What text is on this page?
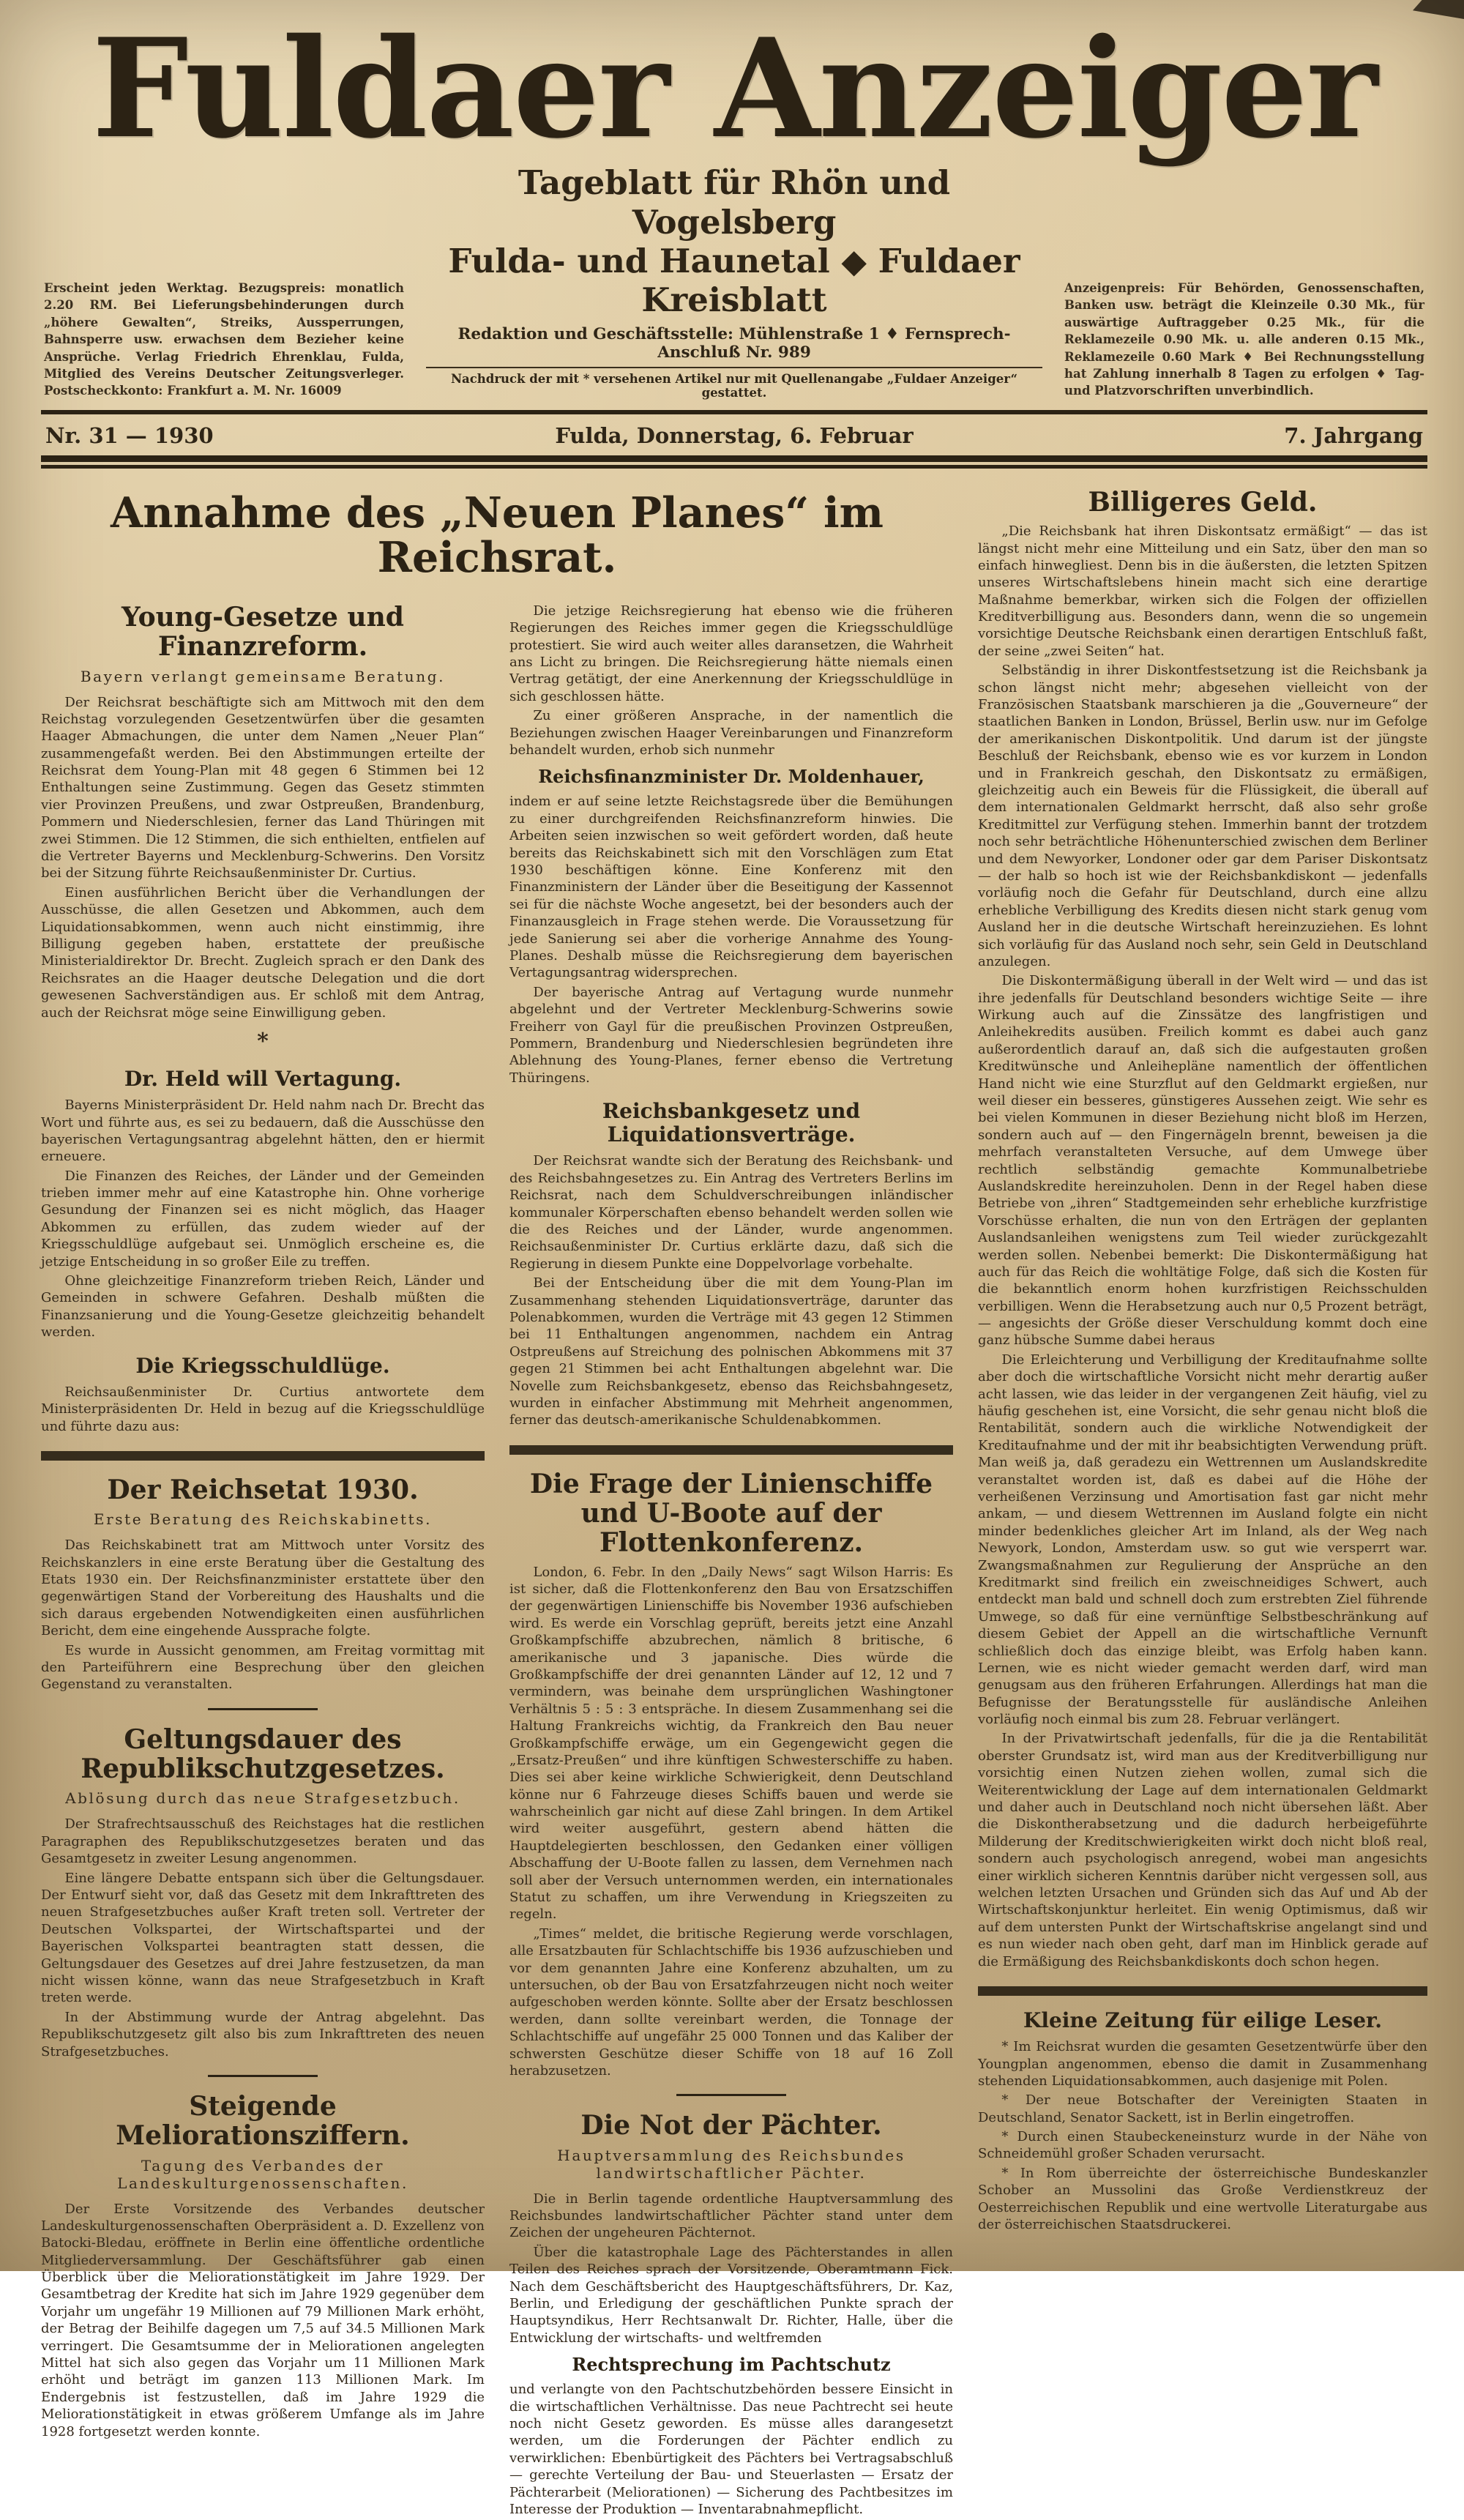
Fuldaer Anzeiger
Erscheint jeden Werktag. Bezugspreis: monatlich 2.20 RM. Bei Lieferungsbehinderungen durch „höhere Gewalten“, Streiks, Aussperrungen, Bahnsperre usw. erwachsen dem Bezieher keine Ansprüche. Verlag Friedrich Ehrenklau, Fulda, Mitglied des Vereins Deutscher Zeitungsverleger. Postscheckkonto: Frankfurt a. M. Nr. 16009
Tageblatt für Rhön und Vogelsberg
Fulda- und Haunetal ◆ Fuldaer Kreisblatt
Redaktion und Geschäftsstelle: Mühlenstraße 1 ♦ Fernsprech-Anschluß Nr. 989
Nachdruck der mit * versehenen Artikel nur mit Quellenangabe „Fuldaer Anzeiger“ gestattet.
Anzeigenpreis: Für Behörden, Genossenschaften, Banken usw. beträgt die Kleinzeile 0.30 Mk., für auswärtige Auftraggeber 0.25 Mk., für die Reklamezeile 0.90 Mk. u. alle anderen 0.15 Mk., Reklamezeile 0.60 Mark ♦ Bei Rechnungsstellung hat Zahlung innerhalb 8 Tagen zu erfolgen ♦ Tag- und Platzvorschriften unverbindlich.
Nr. 31 — 1930	Fulda, Donnerstag, 6. Februar	7. Jahrgang
Annahme des „Neuen Planes“ im Reichsrat.
Young-Gesetze und Finanzreform.
Bayern verlangt gemeinsame Beratung.
Der Reichsrat beschäftigte sich am Mittwoch mit den dem Reichstag vorzulegenden Gesetzentwürfen über die gesamten Haager Abmachungen, die unter dem Namen „Neuer Plan“ zusammengefaßt werden. Bei den Abstimmungen erteilte der Reichsrat dem Young-Plan mit 48 gegen 6 Stimmen bei 12 Enthaltungen seine Zustimmung. Gegen das Gesetz stimmten vier Provinzen Preußens, und zwar Ostpreußen, Brandenburg, Pommern und Niederschlesien, ferner das Land Thüringen mit zwei Stimmen. Die 12 Stimmen, die sich enthielten, entfielen auf die Vertreter Bayerns und Mecklenburg-Schwerins. Den Vorsitz bei der Sitzung führte Reichsaußenminister Dr. Curtius.
Einen ausführlichen Bericht über die Verhandlungen der Ausschüsse, die allen Gesetzen und Abkommen, auch dem Liquidationsabkommen, wenn auch nicht einstimmig, ihre Billigung gegeben haben, erstattete der preußische Ministerialdirektor Dr. Brecht. Zugleich sprach er den Dank des Reichsrates an die Haager deutsche Delegation und die dort gewesenen Sachverständigen aus. Er schloß mit dem Antrag, auch der Reichsrat möge seine Einwilligung geben.
*
Dr. Held will Vertagung.
Bayerns Ministerpräsident Dr. Held nahm nach Dr. Brecht das Wort und führte aus, es sei zu bedauern, daß die Ausschüsse den bayerischen Vertagungsantrag abgelehnt hätten, den er hiermit erneuere.
Die Finanzen des Reiches, der Länder und der Gemeinden trieben immer mehr auf eine Katastrophe hin. Ohne vorherige Gesundung der Finanzen sei es nicht möglich, das Haager Abkommen zu erfüllen, das zudem wieder auf der Kriegsschuldlüge aufgebaut sei. Unmöglich erscheine es, die jetzige Entscheidung in so großer Eile zu treffen.
Ohne gleichzeitige Finanzreform trieben Reich, Länder und Gemeinden in schwere Gefahren. Deshalb müßten die Finanzsanierung und die Young-Gesetze gleichzeitig behandelt werden.
Die Kriegsschuldlüge.
Reichsaußenminister Dr. Curtius antwortete dem Ministerpräsidenten Dr. Held in bezug auf die Kriegsschuldlüge und führte dazu aus:
Der Reichsetat 1930.
Erste Beratung des Reichskabinetts.
Das Reichskabinett trat am Mittwoch unter Vorsitz des Reichskanzlers in eine erste Beratung über die Gestaltung des Etats 1930 ein. Der Reichsfinanzminister erstattete über den gegenwärtigen Stand der Vorbereitung des Haushalts und die sich daraus ergebenden Notwendigkeiten einen ausführlichen Bericht, dem eine eingehende Aussprache folgte.
Es wurde in Aussicht genommen, am Freitag vormittag mit den Parteiführern eine Besprechung über den gleichen Gegenstand zu veranstalten.
Geltungsdauer des Republikschutzgesetzes.
Ablösung durch das neue Strafgesetzbuch.
Der Strafrechtsausschuß des Reichstages hat die restlichen Paragraphen des Republikschutzgesetzes beraten und das Gesamtgesetz in zweiter Lesung angenommen.
Eine längere Debatte entspann sich über die Geltungsdauer. Der Entwurf sieht vor, daß das Gesetz mit dem Inkrafttreten des neuen Strafgesetzbuches außer Kraft treten soll. Vertreter der Deutschen Volkspartei, der Wirtschaftspartei und der Bayerischen Volkspartei beantragten statt dessen, die Geltungsdauer des Gesetzes auf drei Jahre festzusetzen, da man nicht wissen könne, wann das neue Strafgesetzbuch in Kraft treten werde.
In der Abstimmung wurde der Antrag abgelehnt. Das Republikschutzgesetz gilt also bis zum Inkrafttreten des neuen Strafgesetzbuches.
Steigende Meliorationsziffern.
Tagung des Verbandes der Landeskulturgenossenschaften.
Der Erste Vorsitzende des Verbandes deutscher Landeskulturgenossenschaften Oberpräsident a. D. Exzellenz von Batocki-Bledau, eröffnete in Berlin eine öffentliche ordentliche Mitgliederversammlung. Der Geschäftsführer gab einen Überblick über die Meliorationstätigkeit im Jahre 1929. Der Gesamtbetrag der Kredite hat sich im Jahre 1929 gegenüber dem Vorjahr um ungefähr 19 Millionen auf 79 Millionen Mark erhöht, der Betrag der Beihilfe dagegen um 7,5 auf 34.5 Millionen Mark verringert. Die Gesamtsumme der in Meliorationen angelegten Mittel hat sich also gegen das Vorjahr um 11 Millionen Mark erhöht und beträgt im ganzen 113 Millionen Mark. Im Endergebnis ist festzustellen, daß im Jahre 1929 die Meliorationstätigkeit in etwas größerem Umfange als im Jahre 1928 fortgesetzt werden konnte.
Die jetzige Reichsregierung hat ebenso wie die früheren Regierungen des Reiches immer gegen die Kriegsschuldlüge protestiert. Sie wird auch weiter alles daransetzen, die Wahrheit ans Licht zu bringen. Die Reichsregierung hätte niemals einen Vertrag getätigt, der eine Anerkennung der Kriegsschuldlüge in sich geschlossen hätte.
Zu einer größeren Ansprache, in der namentlich die Beziehungen zwischen Haager Vereinbarungen und Finanzreform behandelt wurden, erhob sich nunmehr
Reichsfinanzminister Dr. Moldenhauer,
indem er auf seine letzte Reichstagsrede über die Bemühungen zu einer durchgreifenden Reichsfinanzreform hinwies. Die Arbeiten seien inzwischen so weit gefördert worden, daß heute bereits das Reichskabinett sich mit den Vorschlägen zum Etat 1930 beschäftigen könne. Eine Konferenz mit den Finanzministern der Länder über die Beseitigung der Kassennot sei für die nächste Woche angesetzt, bei der besonders auch der Finanzausgleich in Frage stehen werde. Die Voraussetzung für jede Sanierung sei aber die vorherige Annahme des Young-Planes. Deshalb müsse die Reichsregierung dem bayerischen Vertagungsantrag widersprechen.
Der bayerische Antrag auf Vertagung wurde nunmehr abgelehnt und der Vertreter Mecklenburg-Schwerins sowie Freiherr von Gayl für die preußischen Provinzen Ostpreußen, Pommern, Brandenburg und Niederschlesien begründeten ihre Ablehnung des Young-Planes, ferner ebenso die Vertretung Thüringens.
Reichsbankgesetz und Liquidationsverträge.
Der Reichsrat wandte sich der Beratung des Reichsbank- und des Reichsbahngesetzes zu. Ein Antrag des Vertreters Berlins im Reichsrat, nach dem Schuldverschreibungen inländischer kommunaler Körperschaften ebenso behandelt werden sollen wie die des Reiches und der Länder, wurde angenommen. Reichsaußenminister Dr. Curtius erklärte dazu, daß sich die Regierung in diesem Punkte eine Doppelvorlage vorbehalte.
Bei der Entscheidung über die mit dem Young-Plan im Zusammenhang stehenden Liquidationsverträge, darunter das Polenabkommen, wurden die Verträge mit 43 gegen 12 Stimmen bei 11 Enthaltungen angenommen, nachdem ein Antrag Ostpreußens auf Streichung des polnischen Abkommens mit 37 gegen 21 Stimmen bei acht Enthaltungen abgelehnt war. Die Novelle zum Reichsbankgesetz, ebenso das Reichsbahngesetz, wurden in einfacher Abstimmung mit Mehrheit angenommen, ferner das deutsch-amerikanische Schuldenabkommen.
Die Frage der Linienschiffe und U-Boote auf der Flottenkonferenz.
London, 6. Febr. In den „Daily News“ sagt Wilson Harris: Es ist sicher, daß die Flottenkonferenz den Bau von Ersatzschiffen der gegenwärtigen Linienschiffe bis November 1936 aufschieben wird. Es werde ein Vorschlag geprüft, bereits jetzt eine Anzahl Großkampfschiffe abzubrechen, nämlich 8 britische, 6 amerikanische und 3 japanische. Dies würde die Großkampfschiffe der drei genannten Länder auf 12, 12 und 7 vermindern, was beinahe dem ursprünglichen Washingtoner Verhältnis 5 : 5 : 3 entspräche. In diesem Zusammenhang sei die Haltung Frankreichs wichtig, da Frankreich den Bau neuer Großkampfschiffe erwäge, um ein Gegengewicht gegen die „Ersatz-Preußen“ und ihre künftigen Schwesterschiffe zu haben. Dies sei aber keine wirkliche Schwierigkeit, denn Deutschland könne nur 6 Fahrzeuge dieses Schiffs bauen und werde sie wahrscheinlich gar nicht auf diese Zahl bringen. In dem Artikel wird weiter ausgeführt, gestern abend hätten die Hauptdelegierten beschlossen, den Gedanken einer völligen Abschaffung der U-Boote fallen zu lassen, dem Vernehmen nach soll aber der Versuch unternommen werden, ein internationales Statut zu schaffen, um ihre Verwendung in Kriegszeiten zu regeln.
„Times“ meldet, die britische Regierung werde vorschlagen, alle Ersatzbauten für Schlachtschiffe bis 1936 aufzuschieben und vor dem genannten Jahre eine Konferenz abzuhalten, um zu untersuchen, ob der Bau von Ersatzfahrzeugen nicht noch weiter aufgeschoben werden könnte. Sollte aber der Ersatz beschlossen werden, dann sollte vereinbart werden, die Tonnage der Schlachtschiffe auf ungefähr 25 000 Tonnen und das Kaliber der schwersten Geschütze dieser Schiffe von 18 auf 16 Zoll herabzusetzen.
Die Not der Pächter.
Hauptversammlung des Reichsbundes landwirtschaftlicher Pächter.
Die in Berlin tagende ordentliche Hauptversammlung des Reichsbundes landwirtschaftlicher Pächter stand unter dem Zeichen der ungeheuren Pächternot.
Über die katastrophale Lage des Pächterstandes in allen Teilen des Reiches sprach der Vorsitzende, Oberamtmann Fick. Nach dem Geschäftsbericht des Hauptgeschäftsführers, Dr. Kaz, Berlin, und Erledigung der geschäftlichen Punkte sprach der Hauptsyndikus, Herr Rechtsanwalt Dr. Richter, Halle, über die Entwicklung der wirtschafts- und weltfremden
Rechtsprechung im Pachtschutz
und verlangte von den Pachtschutzbehörden bessere Einsicht in die wirtschaftlichen Verhältnisse. Das neue Pachtrecht sei heute noch nicht Gesetz geworden. Es müsse alles darangesetzt werden, um die Forderungen der Pächter endlich zu verwirklichen: Ebenbürtigkeit des Pächters bei Vertragsabschluß — gerechte Verteilung der Bau- und Steuerlasten — Ersatz der Pächterarbeit (Meliorationen) — Sicherung des Pachtbesitzes im Interesse der Produktion — Inventarabnahmepflicht.
Billigeres Geld.
„Die Reichsbank hat ihren Diskontsatz ermäßigt“ — das ist längst nicht mehr eine Mitteilung und ein Satz, über den man so einfach hinwegliest. Denn bis in die äußersten, die letzten Spitzen unseres Wirtschaftslebens hinein macht sich eine derartige Maßnahme bemerkbar, wirken sich die Folgen der offiziellen Kreditverbilligung aus. Besonders dann, wenn die so ungemein vorsichtige Deutsche Reichsbank einen derartigen Entschluß faßt, der seine „zwei Seiten“ hat.
Selbständig in ihrer Diskontfestsetzung ist die Reichsbank ja schon längst nicht mehr; abgesehen vielleicht von der Französischen Staatsbank marschieren ja die „Gouverneure“ der staatlichen Banken in London, Brüssel, Berlin usw. nur im Gefolge der amerikanischen Diskontpolitik. Und darum ist der jüngste Beschluß der Reichsbank, ebenso wie es vor kurzem in London und in Frankreich geschah, den Diskontsatz zu ermäßigen, gleichzeitig auch ein Beweis für die Flüssigkeit, die überall auf dem internationalen Geldmarkt herrscht, daß also sehr große Kreditmittel zur Verfügung stehen. Immerhin bannt der trotzdem noch sehr beträchtliche Höhenunterschied zwischen dem Berliner und dem Newyorker, Londoner oder gar dem Pariser Diskontsatz — der halb so hoch ist wie der Reichsbankdiskont — jedenfalls vorläufig noch die Gefahr für Deutschland, durch eine allzu erhebliche Verbilligung des Kredits diesen nicht stark genug vom Ausland her in die deutsche Wirtschaft hereinzuziehen. Es lohnt sich vorläufig für das Ausland noch sehr, sein Geld in Deutschland anzulegen.
Die Diskontermäßigung überall in der Welt wird — und das ist ihre jedenfalls für Deutschland besonders wichtige Seite — ihre Wirkung auch auf die Zinssätze des langfristigen und Anleihekredits ausüben. Freilich kommt es dabei auch ganz außerordentlich darauf an, daß sich die aufgestauten großen Kreditwünsche und Anleihepläne namentlich der öffentlichen Hand nicht wie eine Sturzflut auf den Geldmarkt ergießen, nur weil dieser ein besseres, günstigeres Aussehen zeigt. Wie sehr es bei vielen Kommunen in dieser Beziehung nicht bloß im Herzen, sondern auch auf — den Fingernägeln brennt, beweisen ja die mehrfach veranstalteten Versuche, auf dem Umwege über rechtlich selbständig gemachte Kommunalbetriebe Auslandskredite hereinzuholen. Denn in der Regel haben diese Betriebe von „ihren“ Stadtgemeinden sehr erhebliche kurzfristige Vorschüsse erhalten, die nun von den Erträgen der geplanten Auslandsanleihen wenigstens zum Teil wieder zurückgezahlt werden sollen. Nebenbei bemerkt: Die Diskontermäßigung hat auch für das Reich die wohltätige Folge, daß sich die Kosten für die bekanntlich enorm hohen kurzfristigen Reichsschulden verbilligen. Wenn die Herabsetzung auch nur 0,5 Prozent beträgt, — angesichts der Größe dieser Verschuldung kommt doch eine ganz hübsche Summe dabei heraus
Die Erleichterung und Verbilligung der Kreditaufnahme sollte aber doch die wirtschaftliche Vorsicht nicht mehr derartig außer acht lassen, wie das leider in der vergangenen Zeit häufig, viel zu häufig geschehen ist, eine Vorsicht, die sehr genau nicht bloß die Rentabilität, sondern auch die wirkliche Notwendigkeit der Kreditaufnahme und der mit ihr beabsichtigten Verwendung prüft. Man weiß ja, daß geradezu ein Wettrennen um Auslandskredite veranstaltet worden ist, daß es dabei auf die Höhe der verheißenen Verzinsung und Amortisation fast gar nicht mehr ankam, — und diesem Wettrennen im Ausland folgte ein nicht minder bedenkliches gleicher Art im Inland, als der Weg nach Newyork, London, Amsterdam usw. so gut wie versperrt war. Zwangsmaßnahmen zur Regulierung der Ansprüche an den Kreditmarkt sind freilich ein zweischneidiges Schwert, auch entdeckt man bald und schnell doch zum erstrebten Ziel führende Umwege, so daß für eine vernünftige Selbstbeschränkung auf diesem Gebiet der Appell an die wirtschaftliche Vernunft schließlich doch das einzige bleibt, was Erfolg haben kann. Lernen, wie es nicht wieder gemacht werden darf, wird man genugsam aus den früheren Erfahrungen. Allerdings hat man die Befugnisse der Beratungsstelle für ausländische Anleihen vorläufig noch einmal bis zum 28. Februar verlängert.
In der Privatwirtschaft jedenfalls, für die ja die Rentabilität oberster Grundsatz ist, wird man aus der Kreditverbilligung nur vorsichtig einen Nutzen ziehen wollen, zumal sich die Weiterentwicklung der Lage auf dem internationalen Geldmarkt und daher auch in Deutschland noch nicht übersehen läßt. Aber die Diskontherabsetzung und die dadurch herbeigeführte Milderung der Kreditschwierigkeiten wirkt doch nicht bloß real, sondern auch psychologisch anregend, wobei man angesichts einer wirklich sicheren Kenntnis darüber nicht vergessen soll, aus welchen letzten Ursachen und Gründen sich das Auf und Ab der Wirtschaftskonjunktur herleitet. Ein wenig Optimismus, daß wir auf dem untersten Punkt der Wirtschaftskrise angelangt sind und es nun wieder nach oben geht, darf man im Hinblick gerade auf die Ermäßigung des Reichsbankdiskonts doch schon hegen.
Kleine Zeitung für eilige Leser.
* Im Reichsrat wurden die gesamten Gesetzentwürfe über den Youngplan angenommen, ebenso die damit in Zusammenhang stehenden Liquidationsabkommen, auch dasjenige mit Polen.
* Der neue Botschafter der Vereinigten Staaten in Deutschland, Senator Sackett, ist in Berlin eingetroffen.
* Durch einen Staubeckeneinsturz wurde in der Nähe von Schneidemühl großer Schaden verursacht.
* In Rom überreichte der österreichische Bundeskanzler Schober an Mussolini das Große Verdienstkreuz der Oesterreichischen Republik und eine wertvolle Literaturgabe aus der österreichischen Staatsdruckerei.
